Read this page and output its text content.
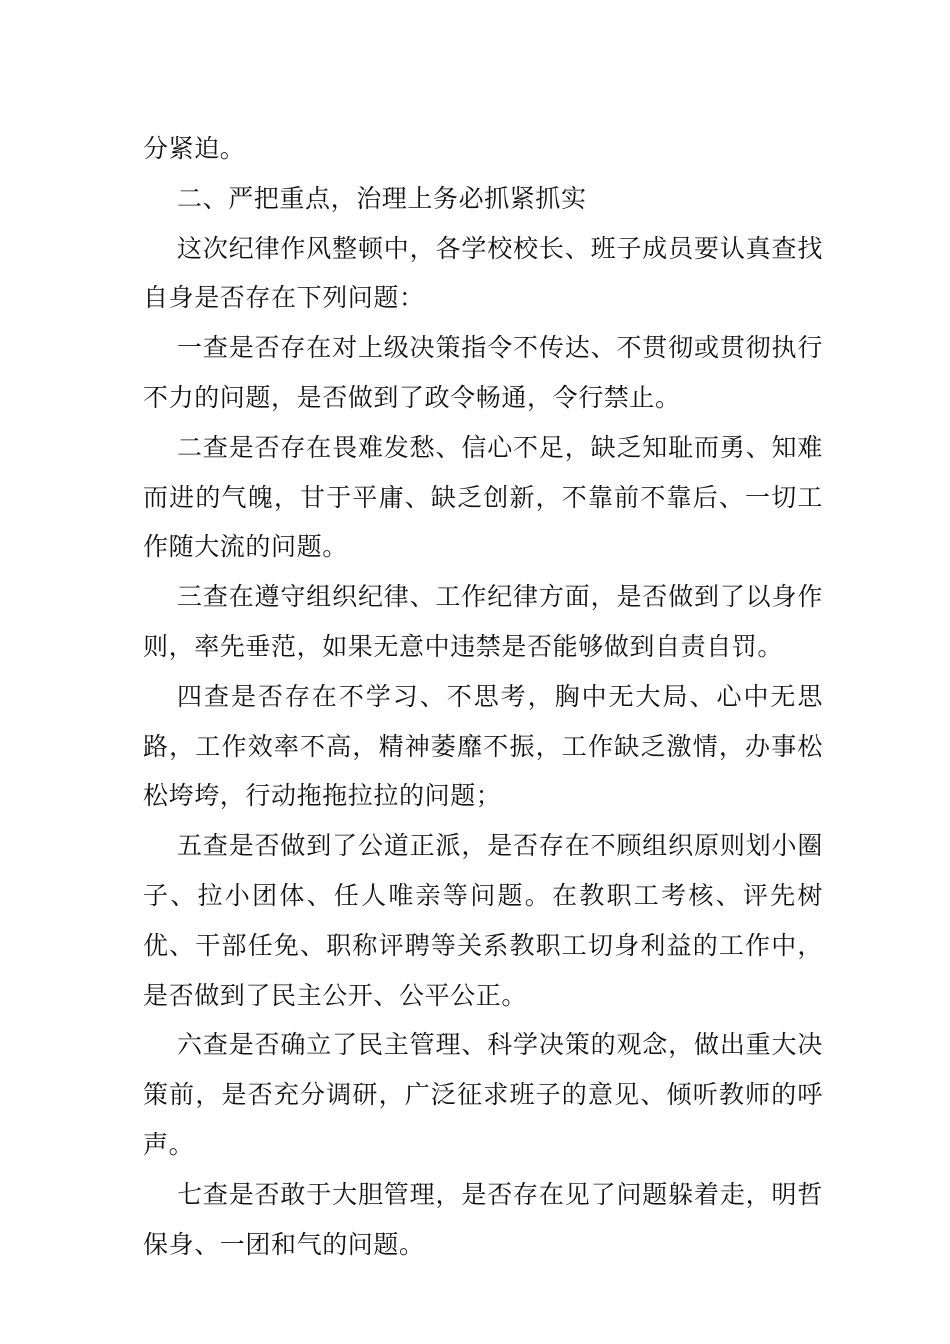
分紧迫。

二、严把重点，治理上务必抓紧抓实

这次纪律作风整顿中，各学校校长、班子成员要认真查找自身是否存在下列问题：

一查是否存在对上级决策指令不传达、不贯彻或贯彻执行不力的问题，是否做到了政令畅通，令行禁止。

二查是否存在畏难发愁、信心不足，缺乏知耻而勇、知难而进的气魄，甘于平庸、缺乏创新，不靠前不靠后、一切工作随大流的问题。

三查在遵守组织纪律、工作纪律方面，是否做到了以身作则，率先垂范，如果无意中违禁是否能够做到自责自罚。

四查是否存在不学习、不思考，胸中无大局、心中无思路，工作效率不高，精神萎靡不振，工作缺乏激情，办事松松垮垮，行动拖拖拉拉的问题；

五查是否做到了公道正派，是否存在不顾组织原则划小圈子、拉小团体、任人唯亲等问题。在教职工考核、评先树优、干部任免、职称评聘等关系教职工切身利益的工作中，是否做到了民主公开、公平公正。

六查是否确立了民主管理、科学决策的观念，做出重大决策前，是否充分调研，广泛征求班子的意见、倾听教师的呼声。

七查是否敢于大胆管理，是否存在见了问题躲着走，明哲保身、一团和气的问题。
